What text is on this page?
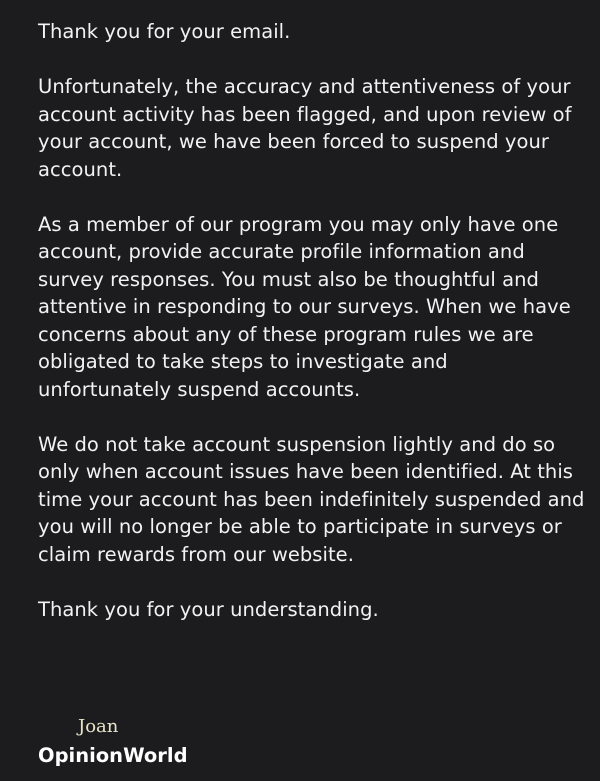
Thank you for your email.

Unfortunately, the accuracy and attentiveness of your account activity has been flagged, and upon review of your account, we have been forced to suspend your account.

As a member of our program you may only have one account, provide accurate profile information and survey responses. You must also be thoughtful and attentive in responding to our surveys. When we have concerns about any of these program rules we are obligated to take steps to investigate and unfortunately suspend accounts.

We do not take account suspension lightly and do so only when account issues have been identified. At this time your account has been indefinitely suspended and you will no longer be able to participate in surveys or claim rewards from our website.

Thank you for your understanding.

Joan
OpinionWorld
